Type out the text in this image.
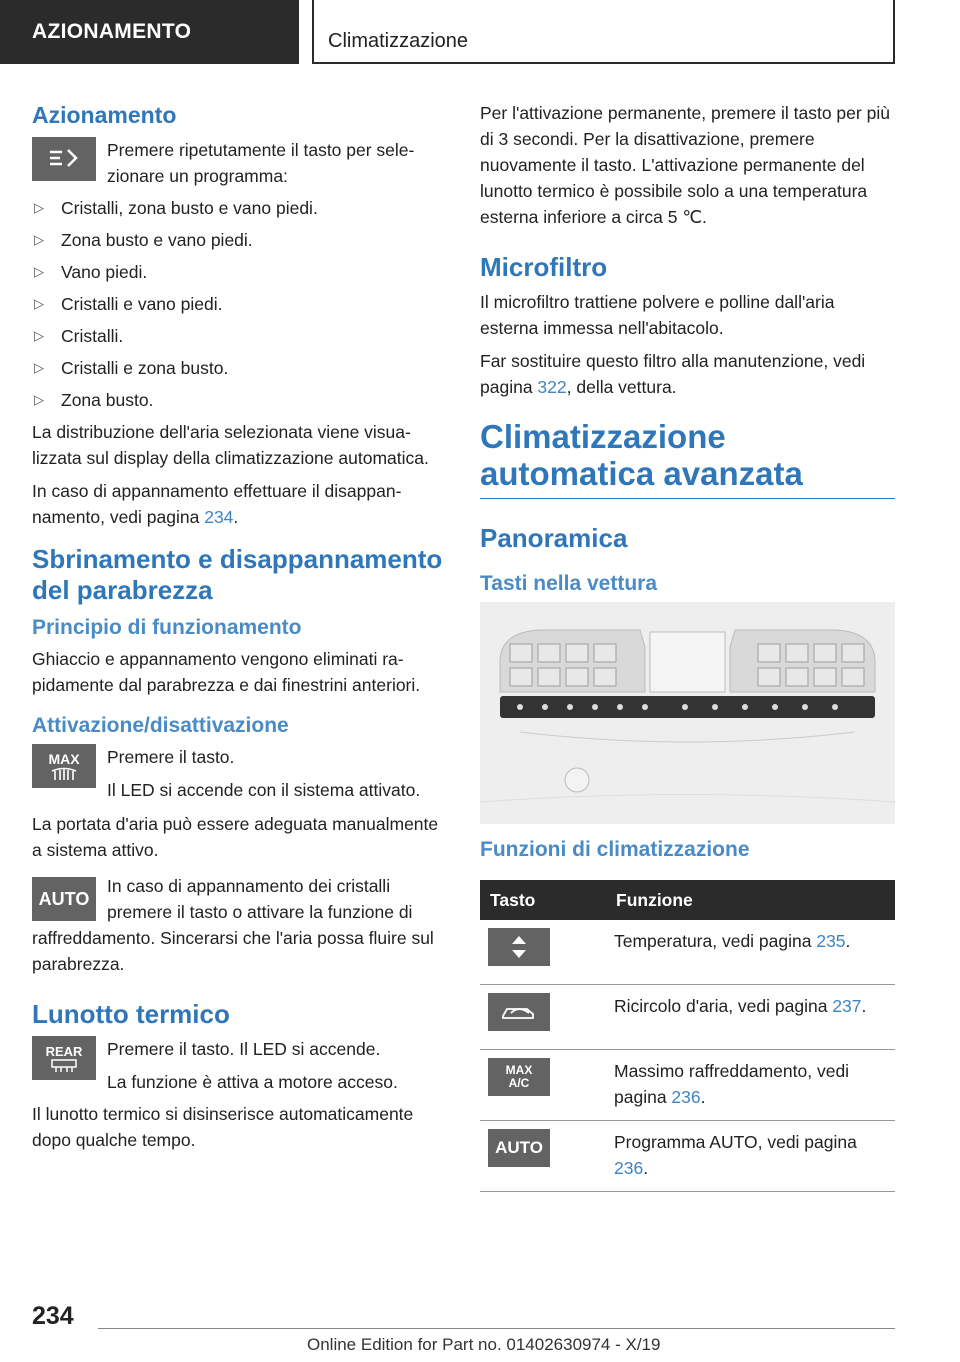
AZIONAMENTO	Climatizzazione
Azionamento
Premere ripetutamente il tasto per selezionare un programma:
▷ Cristalli, zona busto e vano piedi.
▷ Zona busto e vano piedi.
▷ Vano piedi.
▷ Cristalli e vano piedi.
▷ Cristalli.
▷ Cristalli e zona busto.
▷ Zona busto.

La distribuzione dell'aria selezionata viene visualizzata sul display della climatizzazione automatica.

In caso di appannamento effettuare il disappannamento, vedi pagina 234.

Sbrinamento e disappannamento del parabrezza
Principio di funzionamento

Ghiaccio e appannamento vengono eliminati rapidamente dal parabrezza e dai finestrini anteriori.

Attivazione/disattivazione
MAX Premere il tasto.
Il LED si accende con il sistema attivato.

La portata d'aria può essere adeguata manualmente a sistema attivo.

AUTO

In caso di appannamento dei cristalli premere il tasto o attivare la funzione di raffreddamento. Sincerarsi che l'aria possa fluire sul parabrezza.

Lunotto termico
REAR Premere il tasto. Il LED si accende.
La funzione è attiva a motore acceso.

Il lunotto termico si disinserisce automaticamente dopo qualche tempo.

Per l'attivazione permanente, premere il tasto per più di 3 secondi. Per la disattivazione, premere nuovamente il tasto. L'attivazione permanente del lunotto termico è possibile solo a una temperatura esterna inferiore a circa 5 ℃.

Microfiltro

Il microfiltro trattiene polvere e polline dall'aria esterna immessa nell'abitacolo.

Far sostituire questo filtro alla manutenzione, vedi pagina 322, della vettura.

Climatizzazione automatica avanzata
Panoramica
Tasti nella vettura
Funzioni di climatizzazione
Tasto	Funzione

	Temperatura, vedi pagina 235.

	Ricircolo d'aria, vedi pagina 237.

MAX
A/C	Massimo raffreddamento, vedi pagina 236.

AUTO	Programma AUTO, vedi pagina 236.
234
Online Edition for Part no. 01402630974 - X/19
